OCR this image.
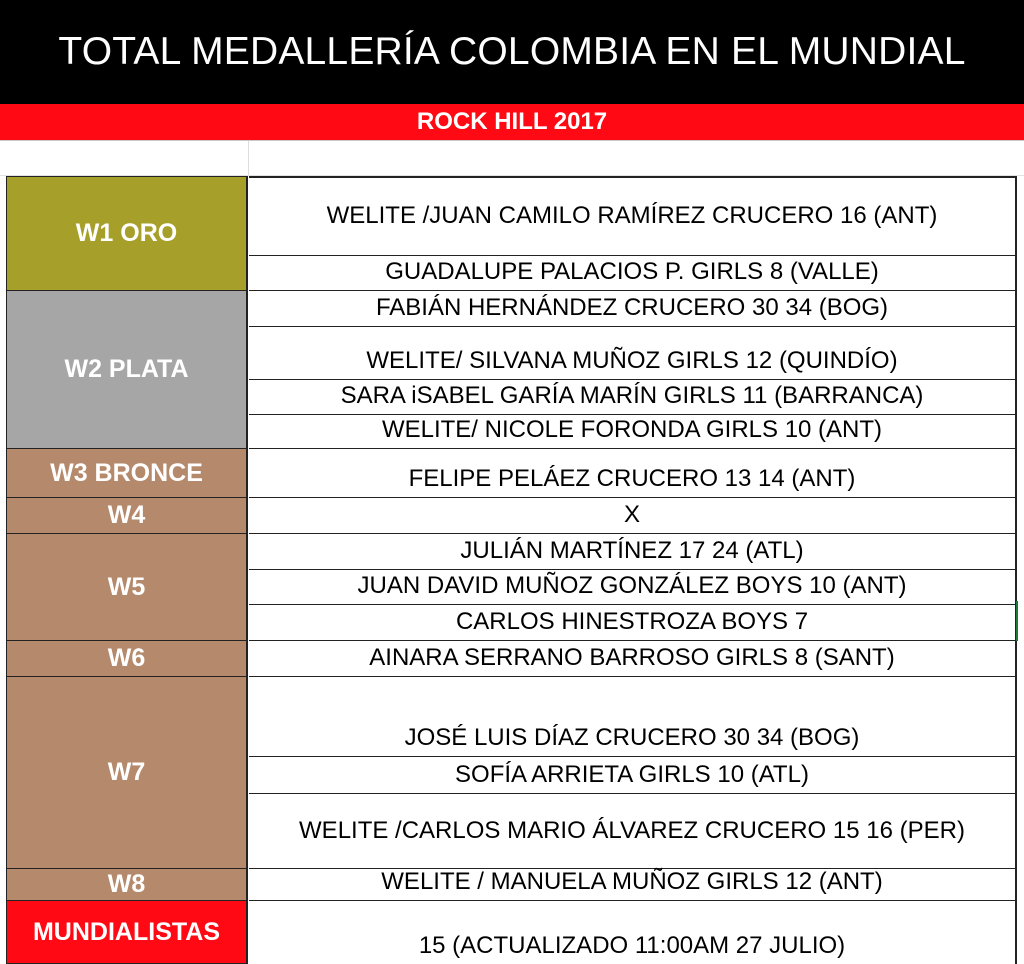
TOTAL MEDALLERÍA COLOMBIA EN EL MUNDIAL
ROCK HILL 2017
W1 ORO
W2 PLATA
W3 BRONCE
W4
W5
W6
W7
W8
MUNDIALISTAS
WELITE /JUAN CAMILO RAMÍREZ CRUCERO 16 (ANT)
GUADALUPE PALACIOS P. GIRLS 8 (VALLE)
FABIÁN HERNÁNDEZ CRUCERO 30 34 (BOG)
WELITE/ SILVANA MUÑOZ GIRLS 12 (QUINDÍO)
SARA iSABEL GARÍA MARÍN GIRLS 11 (BARRANCA)
WELITE/ NICOLE FORONDA GIRLS 10 (ANT)
FELIPE PELÁEZ CRUCERO 13 14 (ANT)
X
JULIÁN MARTÍNEZ 17 24 (ATL)
JUAN DAVID MUÑOZ GONZÁLEZ BOYS 10 (ANT)
CARLOS HINESTROZA BOYS 7
AINARA SERRANO BARROSO GIRLS 8 (SANT)
JOSÉ LUIS DÍAZ CRUCERO 30 34 (BOG)
SOFÍA ARRIETA GIRLS 10 (ATL)
WELITE /CARLOS MARIO ÁLVAREZ CRUCERO 15 16 (PER)
WELITE / MANUELA MUÑOZ GIRLS 12 (ANT)
15 (ACTUALIZADO 11:00AM 27 JULIO)
